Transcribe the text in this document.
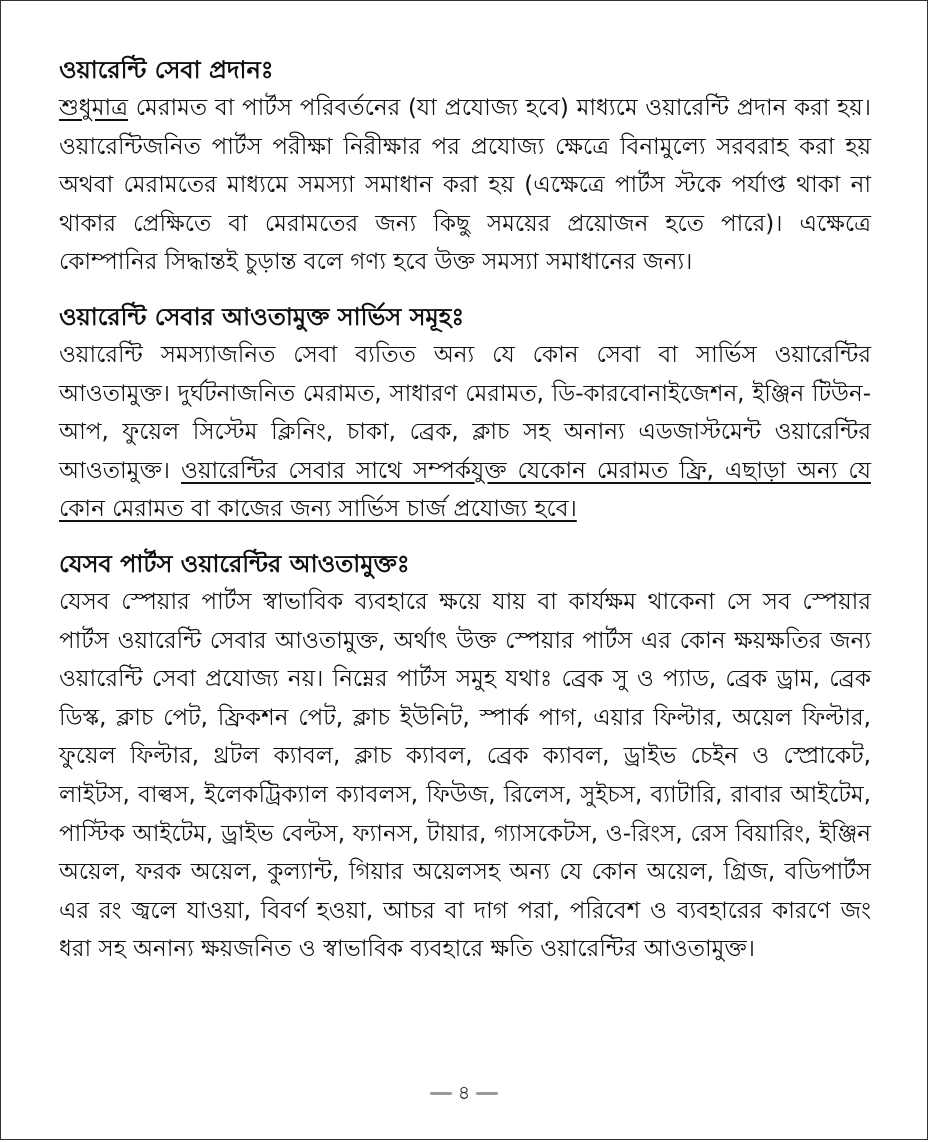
ওয়ারেন্টি সেবা প্রদানঃ

শুধুমাত্র মেরামত বা পার্টস পরিবর্তনের (যা প্রযোজ্য হবে) মাধ্যমে ওয়ারেন্টি প্রদান করা হয়। ওয়ারেন্টিজনিত পার্টস পরীক্ষা নিরীক্ষার পর প্রযোজ্য ক্ষেত্রে বিনামুল্যে সরবরাহ করা হয় অথবা মেরামতের মাধ্যমে সমস্যা সমাধান করা হয় (এক্ষেত্রে পার্টস স্টকে পর্যাপ্ত থাকা না থাকার প্রেক্ষিতে বা মেরামতের জন্য কিছু সময়ের প্রয়োজন হতে পারে)। এক্ষেত্রে কোম্পানির সিদ্ধান্তই চুড়ান্ত বলে গণ্য হবে উক্ত সমস্যা সমাধানের জন্য।

ওয়ারেন্টি সেবার আওতামুক্ত সার্ভিস সমূহঃ

ওয়ারেন্টি সমস্যাজনিত সেবা ব্যতিত অন্য যে কোন সেবা বা সার্ভিস ওয়ারেন্টির আওতামুক্ত। দুর্ঘটনাজনিত মেরামত, সাধারণ মেরামত, ডি-কারবোনাইজেশন, ইঞ্জিন টিউন-আপ, ফুয়েল সিস্টেম ক্লিনিং, চাকা, ব্রেক, ক্লাচ সহ অনান্য এডজাস্টমেন্ট ওয়ারেন্টির আওতামুক্ত। ওয়ারেন্টির সেবার সাথে সম্পর্কযুক্ত যেকোন মেরামত ফ্রি, এছাড়া অন্য যে কোন মেরামত বা কাজের জন্য সার্ভিস চার্জ প্রযোজ্য হবে।

যেসব পার্টস ওয়ারেন্টির আওতামুক্তঃ

যেসব স্পেয়ার পার্টস স্বাভাবিক ব্যবহারে ক্ষয়ে যায় বা কার্যক্ষম থাকেনা সে সব স্পেয়ার পার্টস ওয়ারেন্টি সেবার আওতামুক্ত, অর্থাৎ উক্ত স্পেয়ার পার্টস এর কোন ক্ষয়ক্ষতির জন্য ওয়ারেন্টি সেবা প্রযোজ্য নয়। নিম্নের পার্টস সমুহ যথাঃ ব্রেক সু ও প্যাড, ব্রেক ড্রাম, ব্রেক ডিস্ক, ক্লাচ পেট, ফ্রিকশন পেট, ক্লাচ ইউনিট, স্পার্ক পাগ, এয়ার ফিল্টার, অয়েল ফিল্টার, ফুয়েল ফিল্টার, থ্রটল ক্যাবল, ক্লাচ ক্যাবল, ব্রেক ক্যাবল, ড্রাইভ চেইন ও স্প্রোকেট, লাইটস, বাল্বস, ইলেকট্রিক্যাল ক্যাবলস, ফিউজ, রিলেস, সুইচস, ব্যাটারি, রাবার আইটেম, পাস্টিক আইটেম, ড্রাইভ বেল্টস, ফ্যানস, টায়ার, গ্যাসকেটস, ও-রিংস, রেস বিয়ারিং, ইঞ্জিন অয়েল, ফরক অয়েল, কুল্যান্ট, গিয়ার অয়েলসহ অন্য যে কোন অয়েল, গ্রিজ, বডিপার্টস এর রং জ্বলে যাওয়া, বিবর্ণ হওয়া, আচর বা দাগ পরা, পরিবেশ ও ব্যবহারের কারণে জং ধরা সহ অনান্য ক্ষয়জনিত ও স্বাভাবিক ব্যবহারে ক্ষতি ওয়ারেন্টির আওতামুক্ত।

৪
